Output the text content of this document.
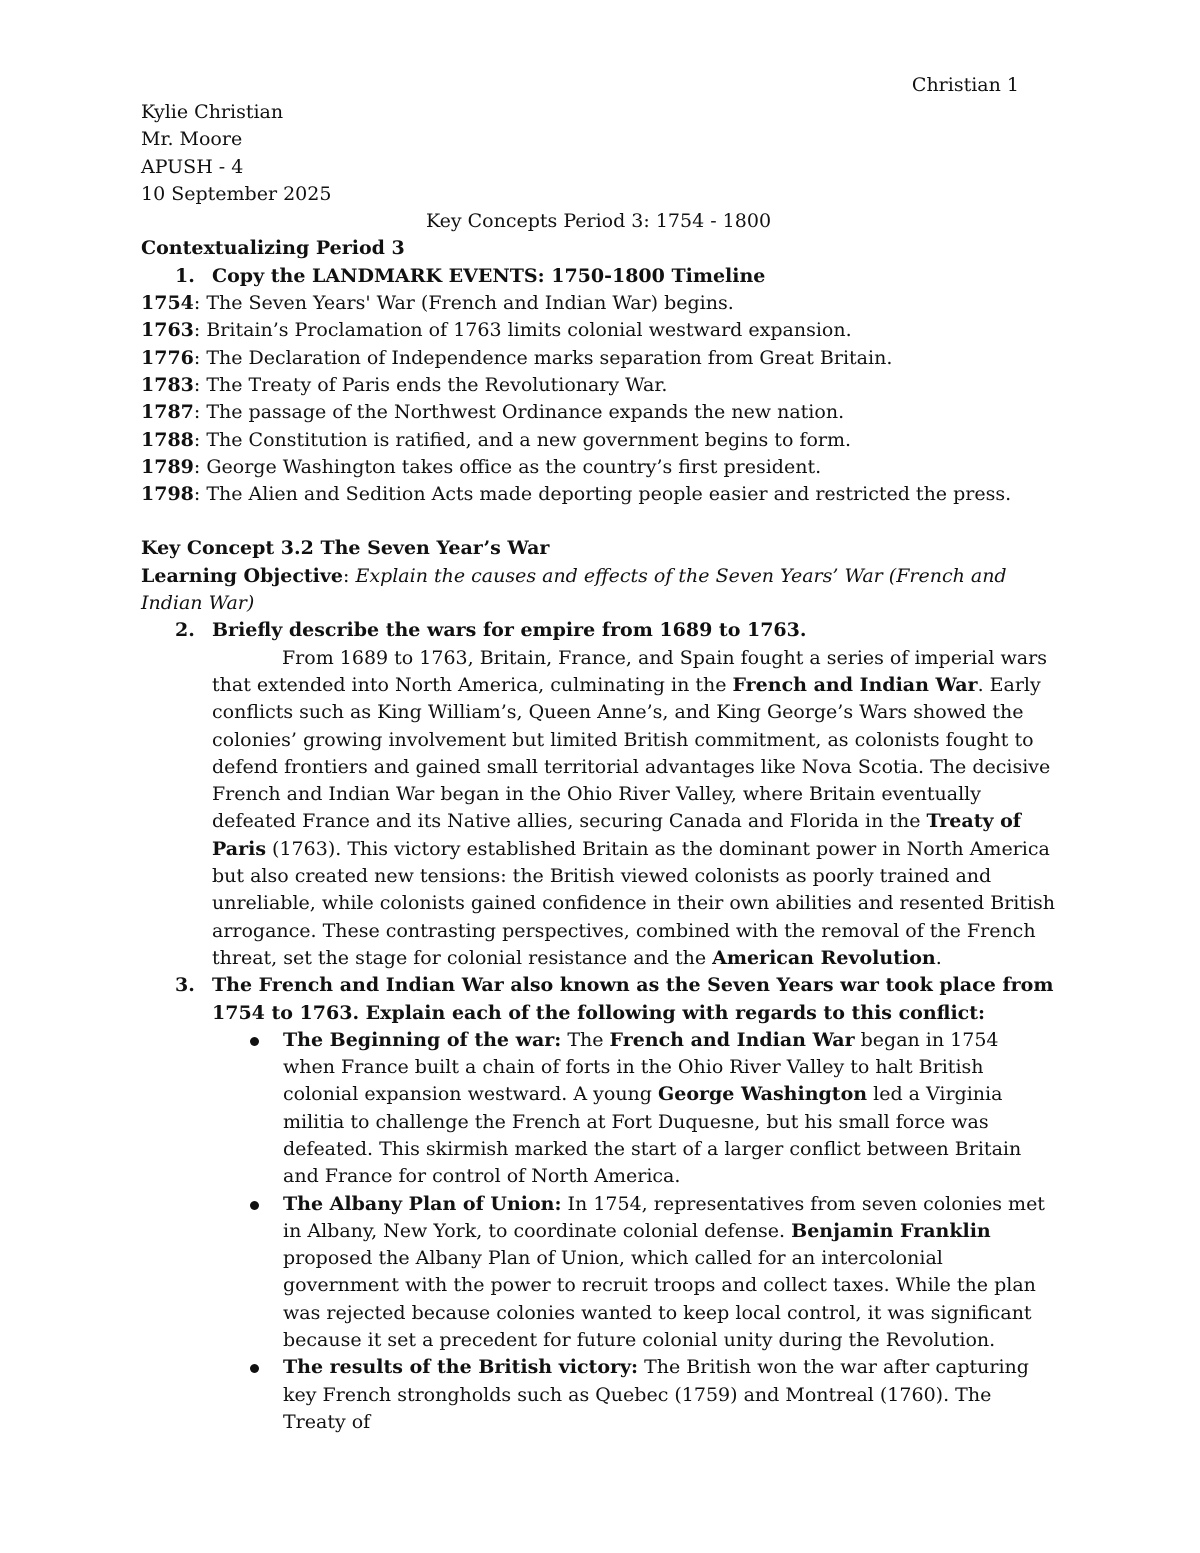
Christian 1
Kylie Christian
Mr. Moore
APUSH - 4
10 September 2025
Key Concepts Period 3: 1754 - 1800
Contextualizing Period 3
1. Copy the LANDMARK EVENTS: 1750-1800 Timeline
1754: The Seven Years' War (French and Indian War) begins.
1763: Britain’s Proclamation of 1763 limits colonial westward expansion.
1776: The Declaration of Independence marks separation from Great Britain.
1783: The Treaty of Paris ends the Revolutionary War.
1787: The passage of the Northwest Ordinance expands the new nation.
1788: The Constitution is ratified, and a new government begins to form.
1789: George Washington takes office as the country’s first president.
1798: The Alien and Sedition Acts made deporting people easier and restricted the press.
Key Concept 3.2 The Seven Year’s War
Learning Objective: Explain the causes and effects of the Seven Years’ War (French and Indian War)
2. Briefly describe the wars for empire from 1689 to 1763.
From 1689 to 1763, Britain, France, and Spain fought a series of imperial wars that extended into North America, culminating in the French and Indian War. Early conflicts such as King William’s, Queen Anne’s, and King George’s Wars showed the colonies’ growing involvement but limited British commitment, as colonists fought to defend frontiers and gained small territorial advantages like Nova Scotia. The decisive French and Indian War began in the Ohio River Valley, where Britain eventually defeated France and its Native allies, securing Canada and Florida in the Treaty of Paris (1763). This victory established Britain as the dominant power in North America but also created new tensions: the British viewed colonists as poorly trained and unreliable, while colonists gained confidence in their own abilities and resented British arrogance. These contrasting perspectives, combined with the removal of the French threat, set the stage for colonial resistance and the American Revolution.
3. The French and Indian War also known as the Seven Years war took place from 1754 to 1763. Explain each of the following with regards to this conflict:
The Beginning of the war: The French and Indian War began in 1754 when France built a chain of forts in the Ohio River Valley to halt British colonial expansion westward. A young George Washington led a Virginia militia to challenge the French at Fort Duquesne, but his small force was defeated. This skirmish marked the start of a larger conflict between Britain and France for control of North America.
The Albany Plan of Union: In 1754, representatives from seven colonies met in Albany, New York, to coordinate colonial defense. Benjamin Franklin proposed the Albany Plan of Union, which called for an intercolonial government with the power to recruit troops and collect taxes. While the plan was rejected because colonies wanted to keep local control, it was significant because it set a precedent for future colonial unity during the Revolution.
The results of the British victory: The British won the war after capturing key French strongholds such as Quebec (1759) and Montreal (1760). The Treaty of
